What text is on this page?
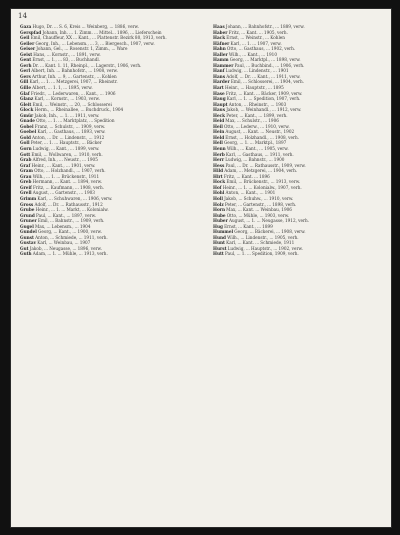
14

Gaza Hugo, Dr. ... S. 6, Kreis ... Weinberg, ... 1886, verw.

Gerspfad Johann, Inh. ... 1. Zimm. ... Mittel... 1896, ... Lieferschein

Geil Emil, Chauffeur, XX ... Kant., ... Plattenstr. Bezirk 80, 1913, verh.

Geiler Georg, Inh., ... Lebensm., ... 3, ... Biergesch., 1907, verw.

Geiser Johann, Gel., ... Rosenstr. 1, Zimm., ... Ware

Geist Hans, ... Kornstr., ... 1891, verw.

Gent Ernst, ... 1., ... 83, ... Buchhandl.

Gerh Dr. ... Kant. 1. 11, Rheinpl., ... Lagerstr., 1906, verh.

Gerl Albert, Inh. ... Bahnhofstr., ... 1908, verw.

Gers Arthur, Inh. ... 9, ... Gartenstr., ... Kohlen

Gill Karl, ... 1. ... Metzgerei, 1907, ... Rheinstr.

Gille Albert, ... 1. 1, ... 1895, verw.

Glaf Friedr., ... Lederwaren, ... Kant., ... 1906

Glanz Karl, ... Kornstr., ... 1903, verw.

Gleit Emil, ... Weinstr., ... 20, ... Schlosserei

Glock Herm., ... Rheinallee, ... Buchdruck., 1904

Gmür Jakob, Inh., ... 1. ... 1911, verw.

Gnade Otto, ... 1. ... Marktplatz, ... Spedition

Gobel Franz, ... Schulstr., ... 1909, verw.

Goebel Karl, ... Gasthaus, ... 1893, verw.

Gold Anton, ... Dr. ... Lindenstr., ... 1912

Goll Peter, ... 1. ... Hauptstr., ... Bäcker

Gorn Ludwig, ... Kant., ... 1899, verw.

Gott Emil, ... Wollwaren, ... 1910, verh.

Grab Alfred, Inh., ... Neustr., ... 1905

Graf Heinr., ... Kant., ... 1901, verw.

Gram Otto, ... Holzhandl., ... 1907, verh.

Grau Wilh., ... 1. ... Brückenstr., 1911

Greb Hermann, ... Kant. ... 1894, verw.

Greif Fritz, ... Kaufmann, ... 1908, verh.

Grell August, ... Gartenstr., ... 1903

Grimm Karl, ... Schuhwaren, ... 1906, verw.

Gross Adolf, ... Dr. ... Rathausstr., 1912

Grube Heinr., ... 1. ... Markt, ... Kolonialw.

Grund Paul, ... Kant., ... 1897, verw.

Gruner Emil, ... Bahnstr., ... 1909, verh.

Gugel Max, ... Lebensm., ... 1904

Gundel Georg, ... Kant., ... 1900, verw.

Gunst Anton, ... Schmiede, ... 1911, verh.

Gustav Karl, ... Weinbau, ... 1907

Gut Jakob, ... Neugasse, ... 1896, verw.

Guth Adam, ... 1. ... Mühle, ... 1913, verh.

Haas Johann, ... Bahnhofstr., ... 1889, verw.

Haber Fritz, ... Kant. ... 1905, verh.

Hack Ernst, ... Weinstr., ... Kohlen

Häfner Karl, ... 1. ... 1907, verw.

Hahn Otto, ... Gasthaus, ... 1902, verh.

Haller Wilh., ... Kant., ... 1910

Hamm Georg, ... Marktpl., ... 1898, verw.

Hammer Paul, ... Buchbind., ... 1906, verh.

Hanf Ludwig, ... Lindenstr., ... 1901

Hans Adolf, ... Dr. ... Kant., ... 1911, verw.

Harder Emil, ... Schlosserei, ... 1904, verh.

Hart Heinr., ... Hauptstr., ... 1895

Hase Fritz, ... Kant. ... Bäcker, 1909, verw.

Haug Karl, ... 1. ... Spedition, 1907, verh.

Haupt Anton, ... Rheinstr., ... 1903

Haus Jakob, ... Weinhandl., ... 1912, verw.

Heck Peter, ... Kant., ... 1899, verh.

Heid Max, ... Schulstr., ... 1906

Heil Otto, ... Lederw., ... 1910, verw.

Hein August, ... Kant. ... Neustr., 1902

Held Ernst, ... Holzhandl., ... 1908, verh.

Hell Georg, ... 1. ... Marktpl., 1897

Henn Wilh., ... Kant., ... 1905, verw.

Herb Karl, ... Gasthaus, ... 1911, verh.

Herr Ludwig, ... Bahnstr., ... 1900

Hess Paul, ... Dr. ... Rathausstr., 1909, verw.

Hild Adam, ... Metzgerei, ... 1904, verh.

Hirt Fritz, ... Kant. ... 1896

Hock Emil, ... Brückenstr., ... 1913, verw.

Hof Heinr., ... 1. ... Kolonialw., 1907, verh.

Hohl Anton, ... Kant., ... 1901

Holl Jakob, ... Schuhw., ... 1910, verw.

Holz Peter, ... Gartenstr., ... 1898, verh.

Horn Max, ... Kant. ... Weinbau, 1906

Hube Otto, ... Mühle, ... 1903, verw.

Huber August, ... 1. ... Neugasse, 1912, verh.

Hug Ernst, ... Kant., ... 1899

Hummel Georg, ... Bäckerei, ... 1908, verw.

Hund Wilh., ... Lindenstr., ... 1905, verh.

Hunt Karl, ... Kant. ... Schmiede, 1911

Hurst Ludwig, ... Hauptstr., ... 1902, verw.

Hutt Paul, ... 1. ... Spedition, 1909, verh.
